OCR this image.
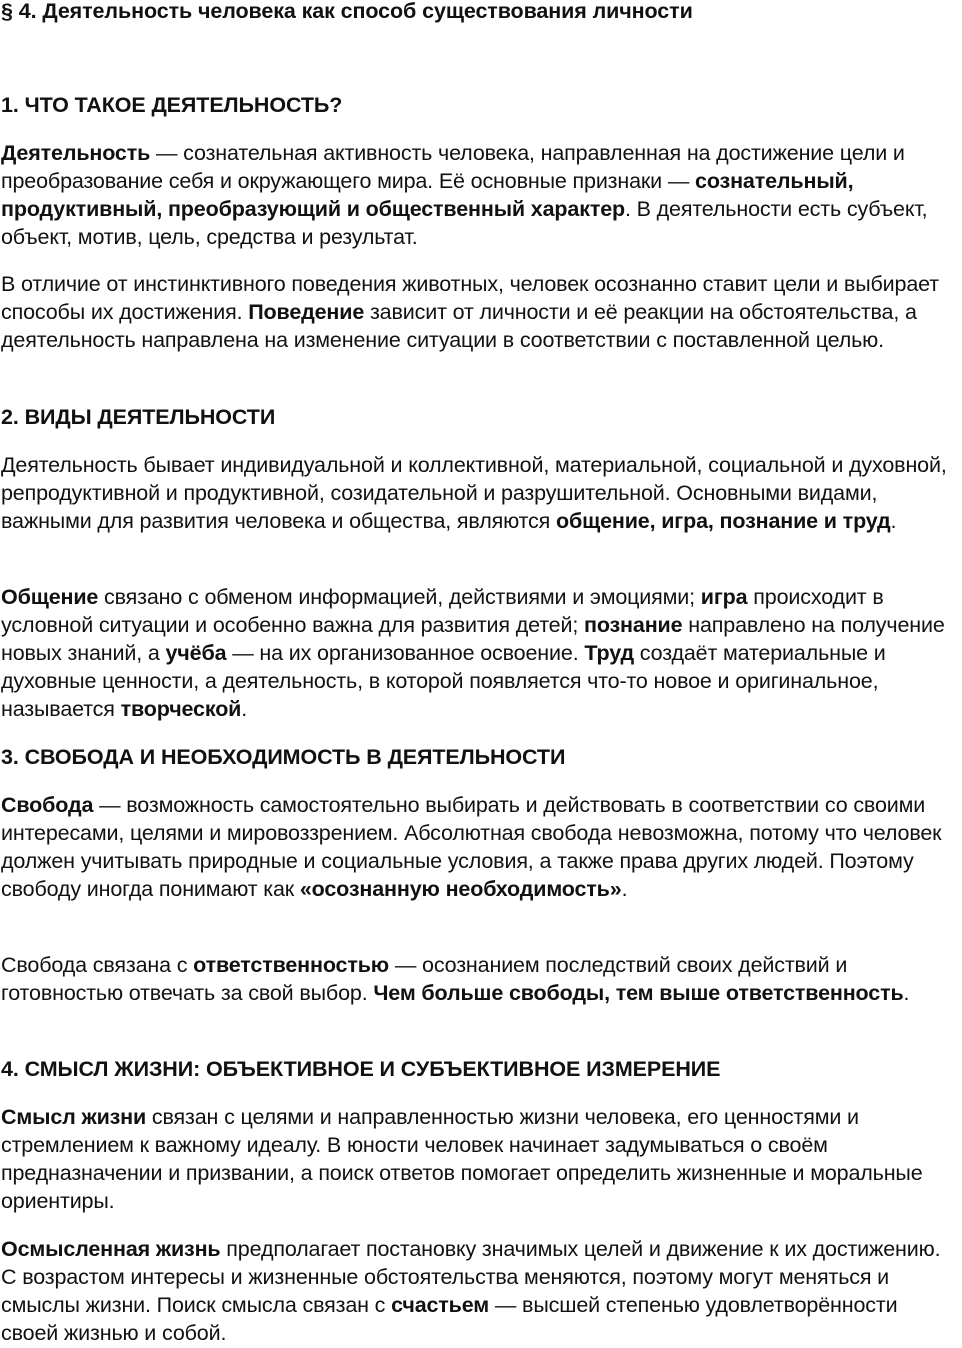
§ 4. Деятельность человека как способ существования личности
1. ЧТО ТАКОЕ ДЕЯТЕЛЬНОСТЬ?

Деятельность — сознательная активность человека, направленная на достижение цели и преобразование себя и окружающего мира. Её основные признаки — сознательный, продуктивный, преобразующий и общественный характер. В деятельности есть субъект, объект, мотив, цель, средства и результат.

В отличие от инстинктивного поведения животных, человек осознанно ставит цели и выбирает способы их достижения. Поведение зависит от личности и её реакции на обстоятельства, а деятельность направлена на изменение ситуации в соответствии с поставленной целью.

2. ВИДЫ ДЕЯТЕЛЬНОСТИ

Деятельность бывает индивидуальной и коллективной, материальной, социальной и духовной, репродуктивной и продуктивной, созидательной и разрушительной. Основными видами, важными для развития человека и общества, являются общение, игра, познание и труд.

Общение связано с обменом информацией, действиями и эмоциями; игра происходит в условной ситуации и особенно важна для развития детей; познание направлено на получение новых знаний, а учёба — на их организованное освоение. Труд создаёт материальные и духовные ценности, а деятельность, в которой появляется что-то новое и оригинальное, называется творческой.

3. СВОБОДА И НЕОБХОДИМОСТЬ В ДЕЯТЕЛЬНОСТИ

Свобода — возможность самостоятельно выбирать и действовать в соответствии со своими интересами, целями и мировоззрением. Абсолютная свобода невозможна, потому что человек должен учитывать природные и социальные условия, а также права других людей. Поэтому свободу иногда понимают как «осознанную необходимость».

Свобода связана с ответственностью — осознанием последствий своих действий и готовностью отвечать за свой выбор. Чем больше свободы, тем выше ответственность.

4. СМЫСЛ ЖИЗНИ: ОБЪЕКТИВНОЕ И СУБЪЕКТИВНОЕ ИЗМЕРЕНИЕ

Смысл жизни связан с целями и направленностью жизни человека, его ценностями и стремлением к важному идеалу. В юности человек начинает задумываться о своём предназначении и призвании, а поиск ответов помогает определить жизненные и моральные ориентиры.

Осмысленная жизнь предполагает постановку значимых целей и движение к их достижению. С возрастом интересы и жизненные обстоятельства меняются, поэтому могут меняться и смыслы жизни. Поиск смысла связан с счастьем — высшей степенью удовлетворённости своей жизнью и собой.
